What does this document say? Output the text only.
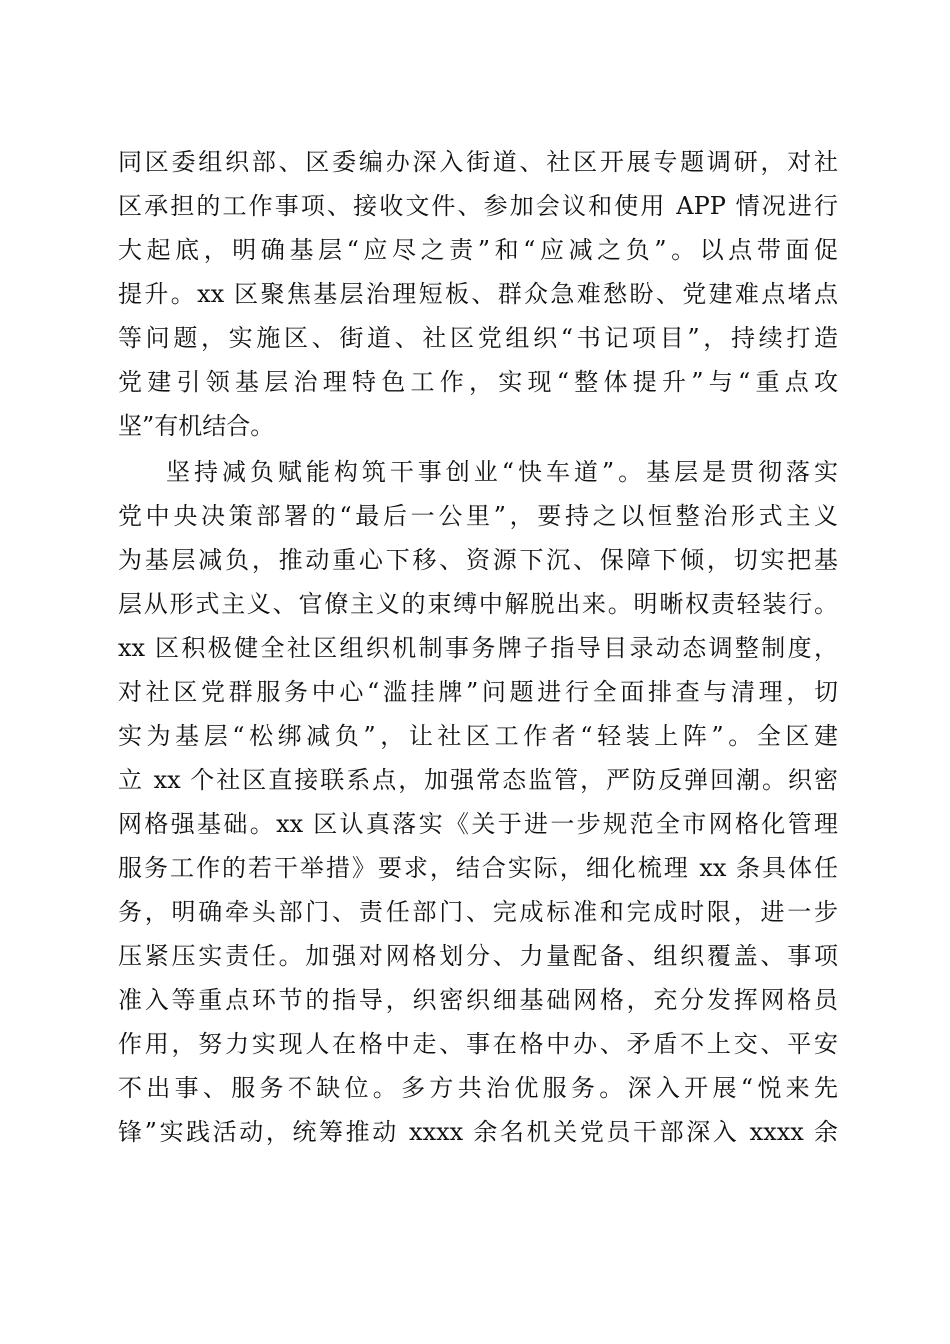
同区委组织部、区委编办深入街道、社区开展专题调研，对社
区承担的工作事项、接收文件、参加会议和使用 APP 情况进行
大起底，明确基层“应尽之责”和“应减之负”。以点带面促
提升。xx 区聚焦基层治理短板、群众急难愁盼、党建难点堵点
等问题，实施区、街道、社区党组织“书记项目”，持续打造
党建引领基层治理特色工作，实现“整体提升”与“重点攻
坚”有机结合。
坚持减负赋能构筑干事创业“快车道”。基层是贯彻落实
党中央决策部署的“最后一公里”，要持之以恒整治形式主义
为基层减负，推动重心下移、资源下沉、保障下倾，切实把基
层从形式主义、官僚主义的束缚中解脱出来。明晰权责轻装行。
xx 区积极健全社区组织机制事务牌子指导目录动态调整制度，
对社区党群服务中心“滥挂牌”问题进行全面排查与清理，切
实为基层“松绑减负”，让社区工作者“轻装上阵”。全区建
立 xx 个社区直接联系点，加强常态监管，严防反弹回潮。织密
网格强基础。xx 区认真落实《关于进一步规范全市网格化管理
服务工作的若干举措》要求，结合实际，细化梳理 xx 条具体任
务，明确牵头部门、责任部门、完成标准和完成时限，进一步
压紧压实责任。加强对网格划分、力量配备、组织覆盖、事项
准入等重点环节的指导，织密织细基础网格，充分发挥网格员
作用，努力实现人在格中走、事在格中办、矛盾不上交、平安
不出事、服务不缺位。多方共治优服务。深入开展“悦来先
锋”实践活动，统筹推动 xxxx 余名机关党员干部深入 xxxx 余
